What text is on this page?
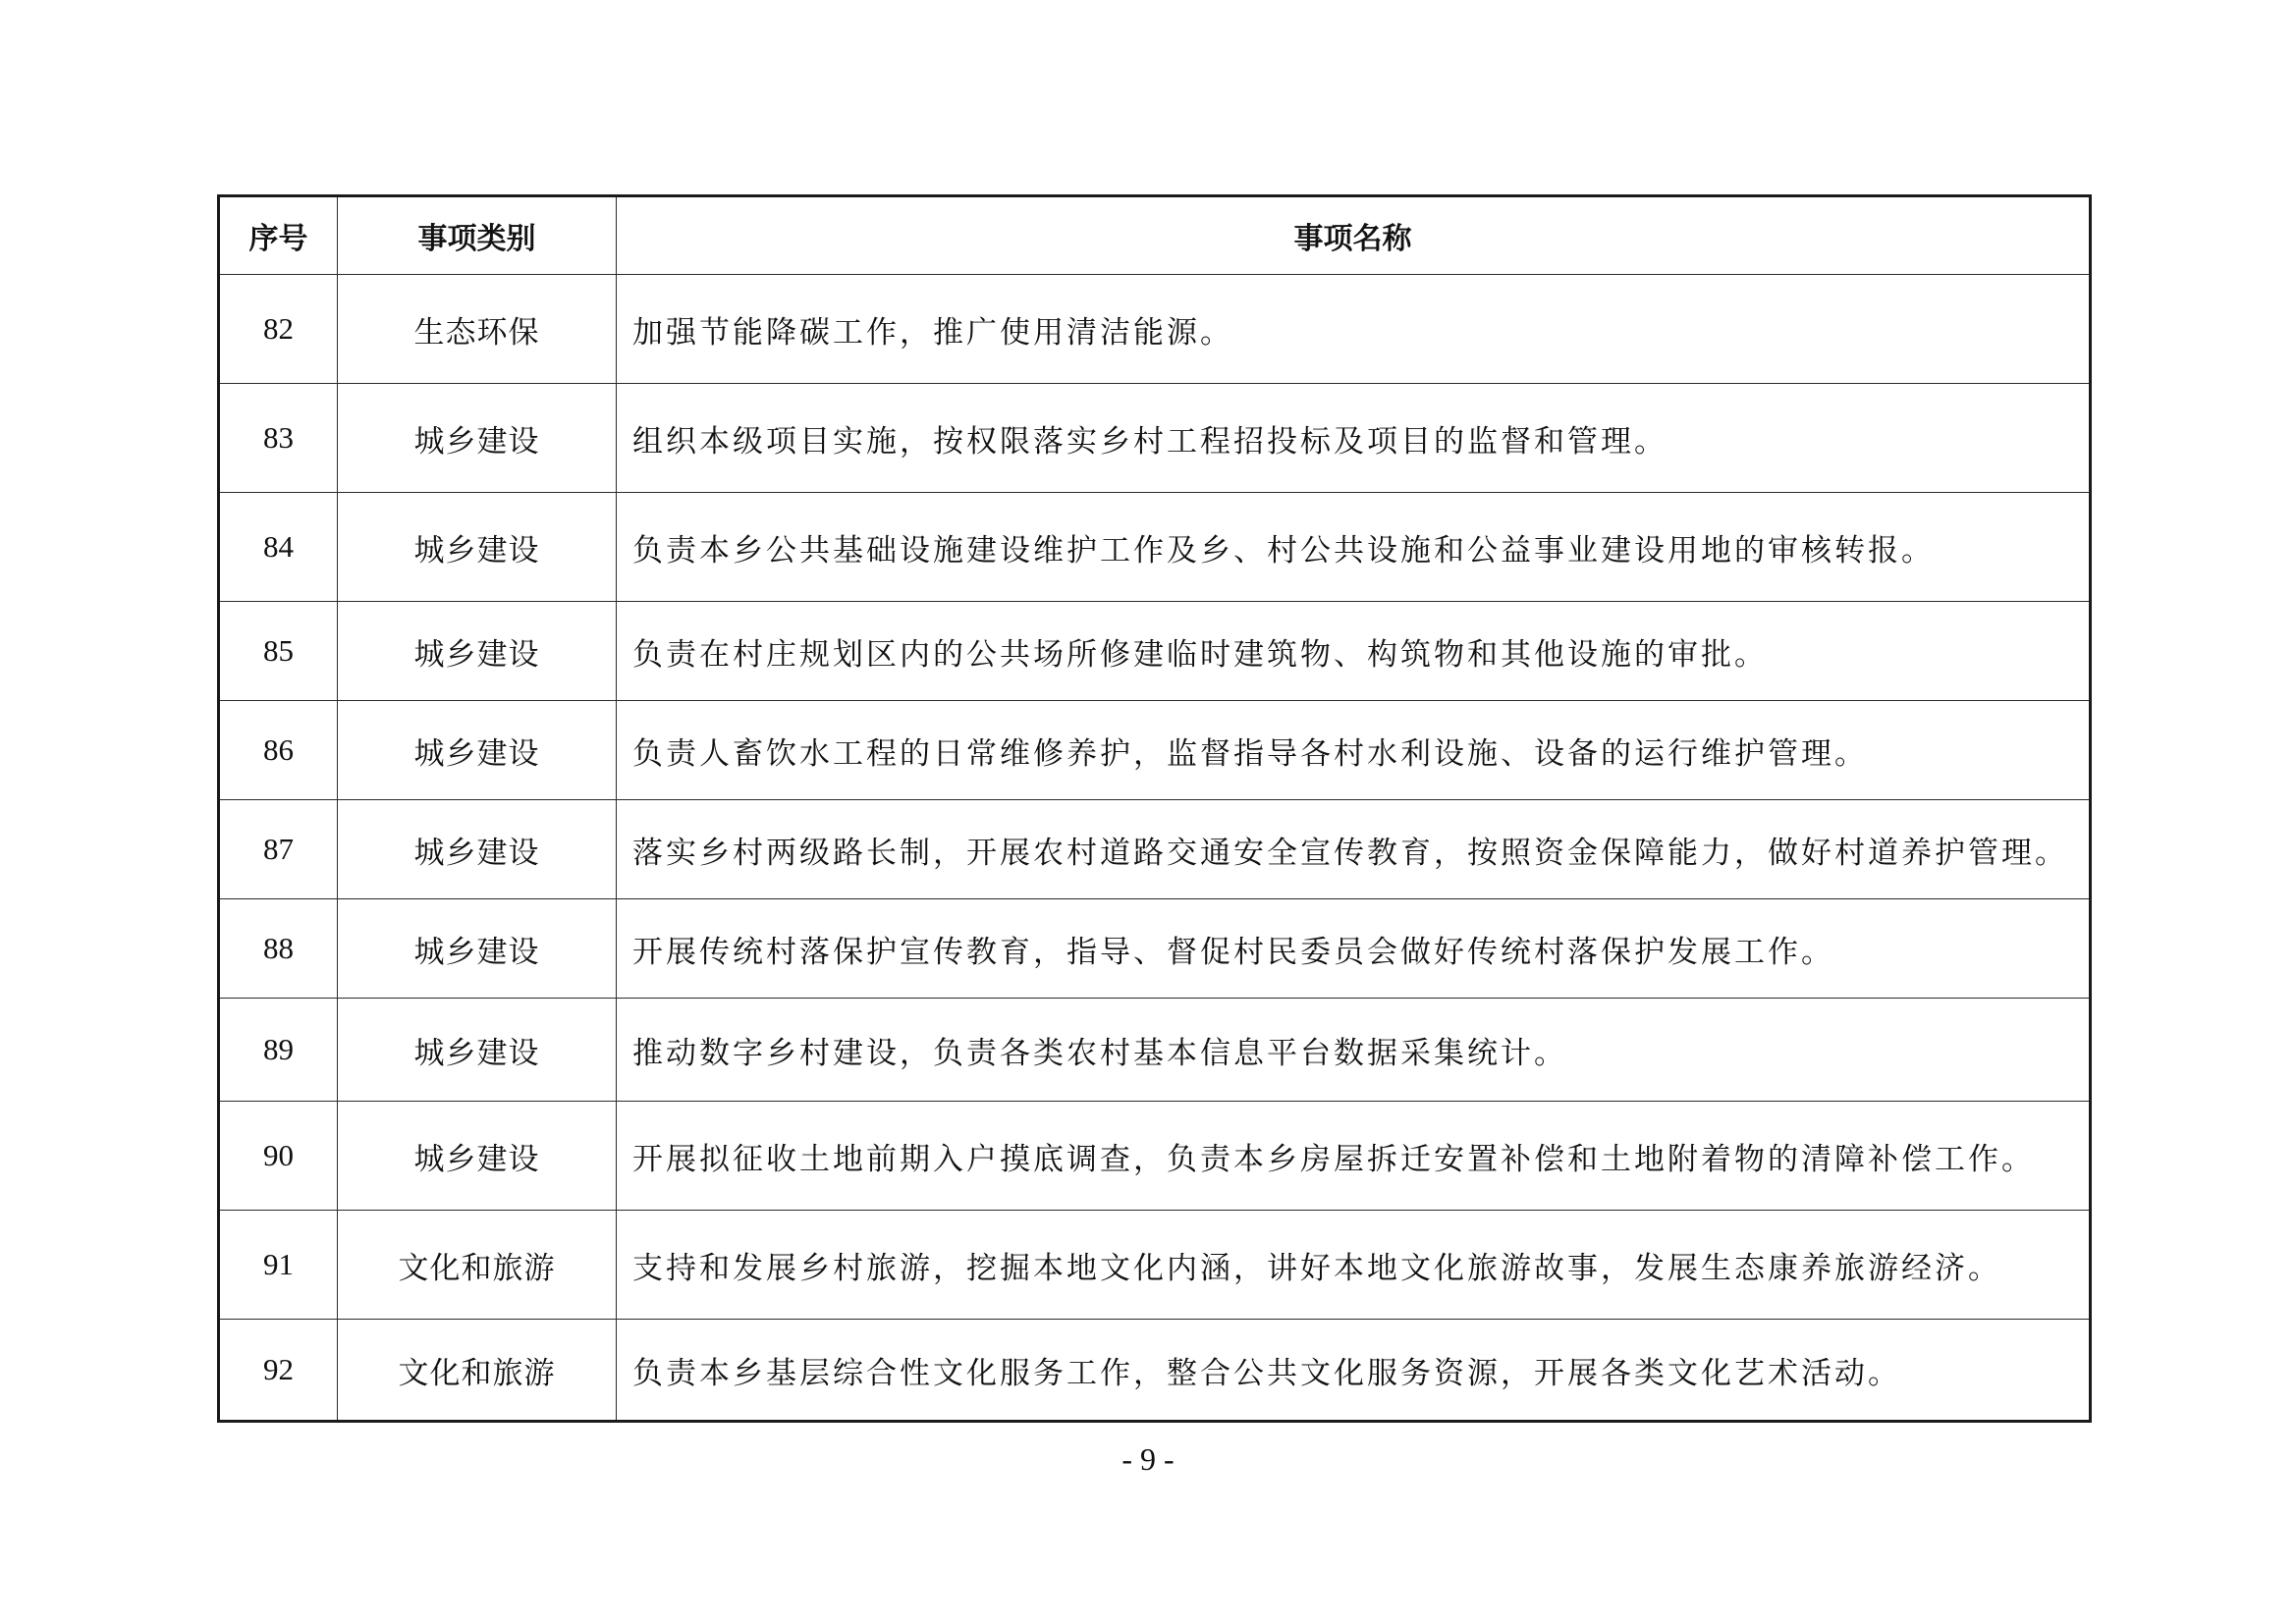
序号	事项类别	事项名称
82	生态环保	加强节能降碳工作，推广使用清洁能源。
83	城乡建设	组织本级项目实施，按权限落实乡村工程招投标及项目的监督和管理。
84	城乡建设	负责本乡公共基础设施建设维护工作及乡、村公共设施和公益事业建设用地的审核转报。
85	城乡建设	负责在村庄规划区内的公共场所修建临时建筑物、构筑物和其他设施的审批。
86	城乡建设	负责人畜饮水工程的日常维修养护，监督指导各村水利设施、设备的运行维护管理。
87	城乡建设	落实乡村两级路长制，开展农村道路交通安全宣传教育，按照资金保障能力，做好村道养护管理。
88	城乡建设	开展传统村落保护宣传教育，指导、督促村民委员会做好传统村落保护发展工作。
89	城乡建设	推动数字乡村建设，负责各类农村基本信息平台数据采集统计。
90	城乡建设	开展拟征收土地前期入户摸底调查，负责本乡房屋拆迁安置补偿和土地附着物的清障补偿工作。
91	文化和旅游	支持和发展乡村旅游，挖掘本地文化内涵，讲好本地文化旅游故事，发展生态康养旅游经济。
92	文化和旅游	负责本乡基层综合性文化服务工作，整合公共文化服务资源，开展各类文化艺术活动。
- 9 -
